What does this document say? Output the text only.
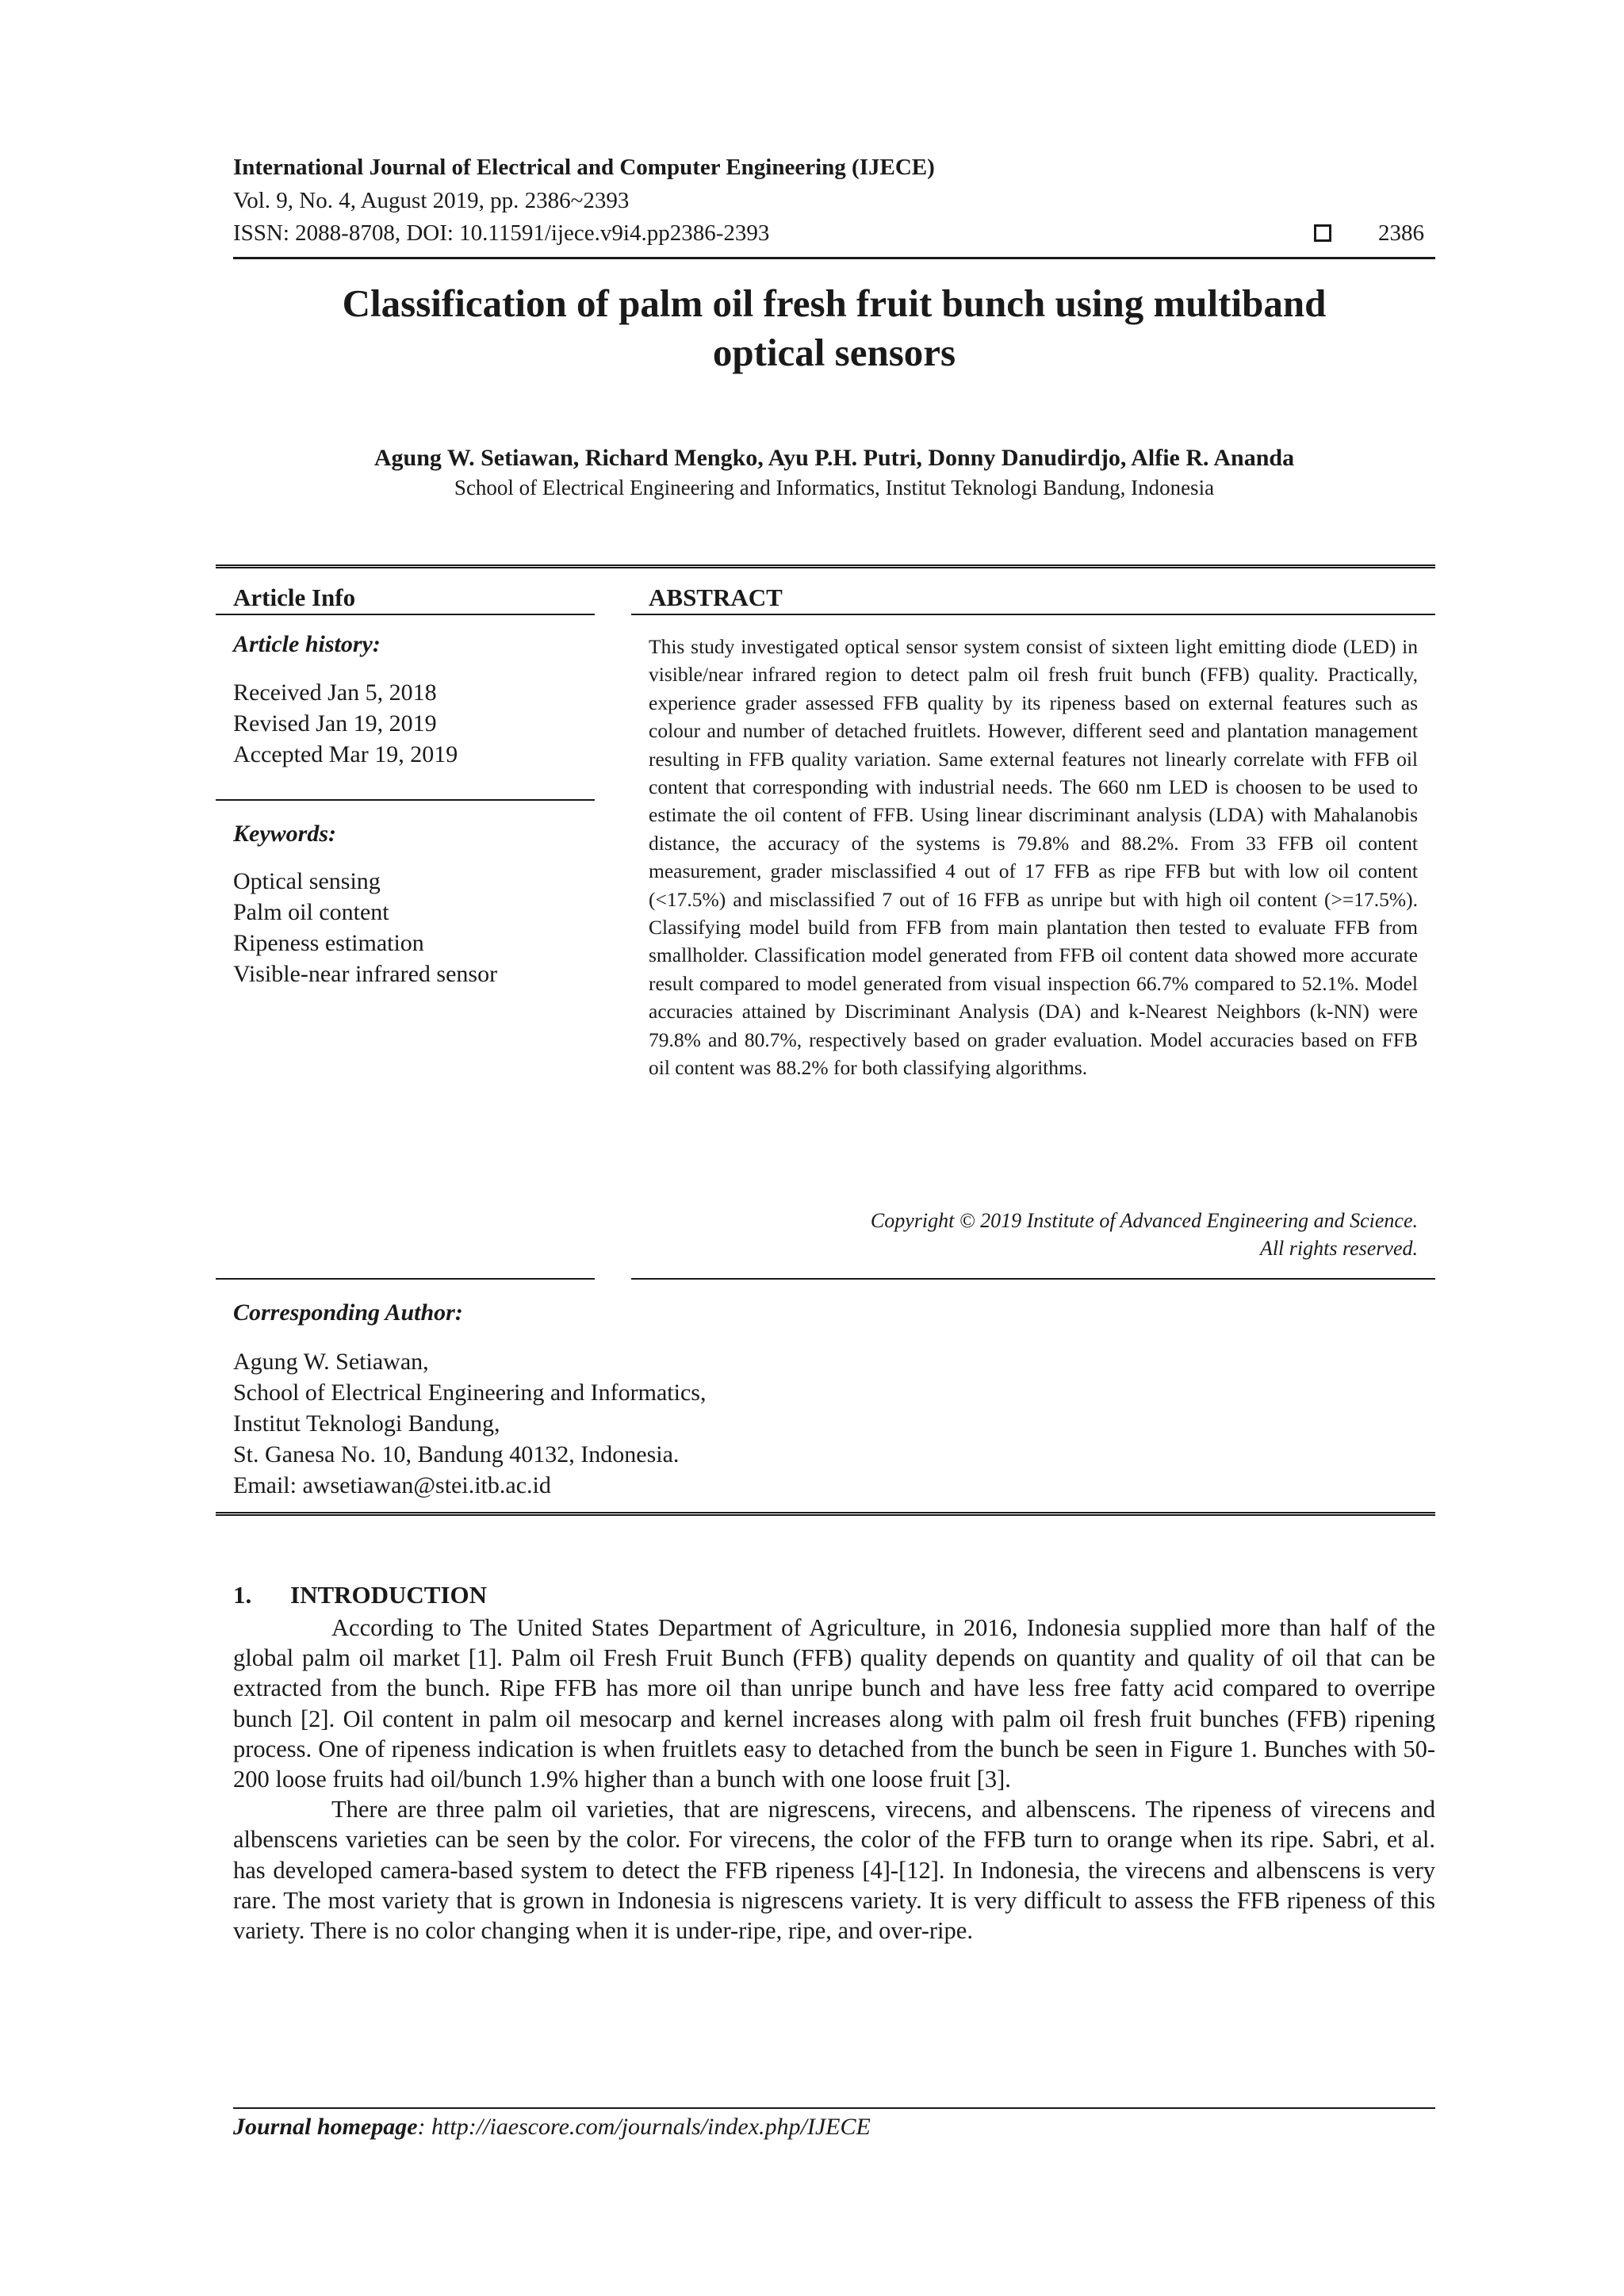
International Journal of Electrical and Computer Engineering (IJECE)
Vol. 9, No. 4, August 2019, pp. 2386~2393
ISSN: 2088-8708, DOI: 10.11591/ijece.v9i4.pp2386-2393	2386
Classification of palm oil fresh fruit bunch using multiband
optical sensors
Agung W. Setiawan, Richard Mengko, Ayu P.H. Putri, Donny Danudirdjo, Alfie R. Ananda
School of Electrical Engineering and Informatics, Institut Teknologi Bandung, Indonesia
Article Info
Article history:
Received Jan 5, 2018
Revised Jan 19, 2019
Accepted Mar 19, 2019
Keywords:
Optical sensing
Palm oil content
Ripeness estimation
Visible-near infrared sensor
ABSTRACT
This study investigated optical sensor system consist of sixteen light emitting diode (LED) in visible/near infrared region to detect palm oil fresh fruit bunch (FFB) quality. Practically, experience grader assessed FFB quality by its ripeness based on external features such as colour and number of detached fruitlets. However, different seed and plantation management resulting in FFB quality variation. Same external features not linearly correlate with FFB oil content that corresponding with industrial needs. The 660 nm LED is choosen to be used to estimate the oil content of FFB. Using linear discriminant analysis (LDA) with Mahalanobis distance, the accuracy of the systems is 79.8% and 88.2%. From 33 FFB oil content measurement, grader misclassified 4 out of 17 FFB as ripe FFB but with low oil content (<17.5%) and misclassified 7 out of 16 FFB as unripe but with high oil content (>=17.5%). Classifying model build from FFB from main plantation then tested to evaluate FFB from smallholder. Classification model generated from FFB oil content data showed more accurate result compared to model generated from visual inspection 66.7% compared to 52.1%. Model accuracies attained by Discriminant Analysis (DA) and k-Nearest Neighbors (k-NN) were 79.8% and 80.7%, respectively based on grader evaluation. Model accuracies based on FFB oil content was 88.2% for both classifying algorithms.
Copyright © 2019 Institute of Advanced Engineering and Science.
All rights reserved.
Corresponding Author:
Agung W. Setiawan,
School of Electrical Engineering and Informatics,
Institut Teknologi Bandung,
St. Ganesa No. 10, Bandung 40132, Indonesia.
Email: awsetiawan@stei.itb.ac.id
1. INTRODUCTION

According to The United States Department of Agriculture, in 2016, Indonesia supplied more than half of the global palm oil market [1]. Palm oil Fresh Fruit Bunch (FFB) quality depends on quantity and quality of oil that can be extracted from the bunch. Ripe FFB has more oil than unripe bunch and have less free fatty acid compared to overripe bunch [2]. Oil content in palm oil mesocarp and kernel increases along with palm oil fresh fruit bunches (FFB) ripening process. One of ripeness indication is when fruitlets easy to detached from the bunch be seen in Figure 1. Bunches with 50-200 loose fruits had oil/bunch 1.9% higher than a bunch with one loose fruit [3].

There are three palm oil varieties, that are nigrescens, virecens, and albenscens. The ripeness of virecens and albenscens varieties can be seen by the color. For virecens, the color of the FFB turn to orange when its ripe. Sabri, et al. has developed camera-based system to detect the FFB ripeness [4]-[12]. In Indonesia, the virecens and albenscens is very rare. The most variety that is grown in Indonesia is nigrescens variety. It is very difficult to assess the FFB ripeness of this variety. There is no color changing when it is under-ripe, ripe, and over-ripe.

Journal homepage: http://iaescore.com/journals/index.php/IJECE
